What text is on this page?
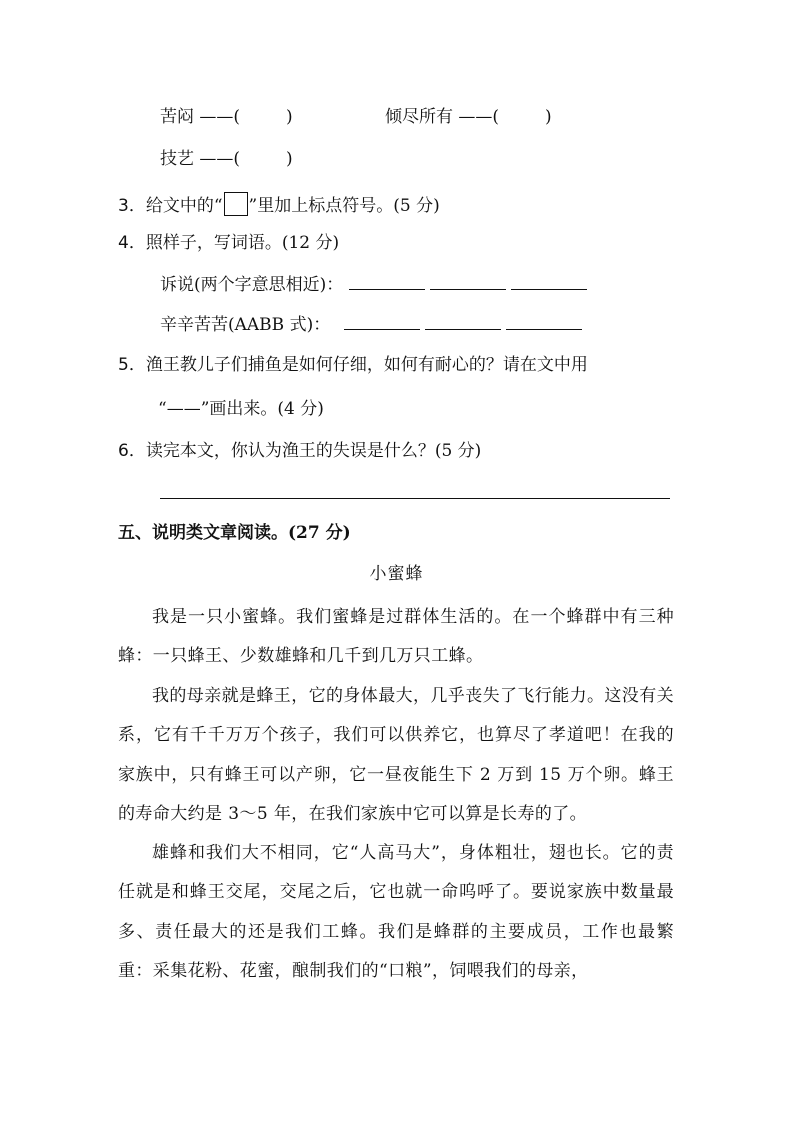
苦闷 ——(	)	倾尽所有 ——(	)
技艺 ——(	)
3．给文中的“ ”里加上标点符号。(5 分)
4．照样子，写词语。(12 分)
诉说(两个字意思相近)：
辛辛苦苦(AABB 式)：
5．渔王教儿子们捕鱼是如何仔细，如何有耐心的？请在文中用
“——”画出来。(4 分)
6．读完本文，你认为渔王的失误是什么？(5 分)
五、说明类文章阅读。(27 分)
小蜜蜂
我是一只小蜜蜂。我们蜜蜂是过群体生活的。在一个蜂群中有三种蜂：一只蜂王、少数雄蜂和几千到几万只工蜂。
我的母亲就是蜂王，它的身体最大，几乎丧失了飞行能力。这没有关系，它有千千万万个孩子，我们可以供养它，也算尽了孝道吧！在我的家族中，只有蜂王可以产卵，它一昼夜能生下 2 万到 15 万个卵。蜂王的寿命大约是 3～5 年，在我们家族中它可以算是长寿的了。
雄蜂和我们大不相同，它“人高马大”，身体粗壮，翅也长。它的责任就是和蜂王交尾，交尾之后，它也就一命呜呼了。要说家族中数量最多、责任最大的还是我们工蜂。我们是蜂群的主要成员，工作也最繁重：采集花粉、花蜜，酿制我们的“口粮”，饲喂我们的母亲，
